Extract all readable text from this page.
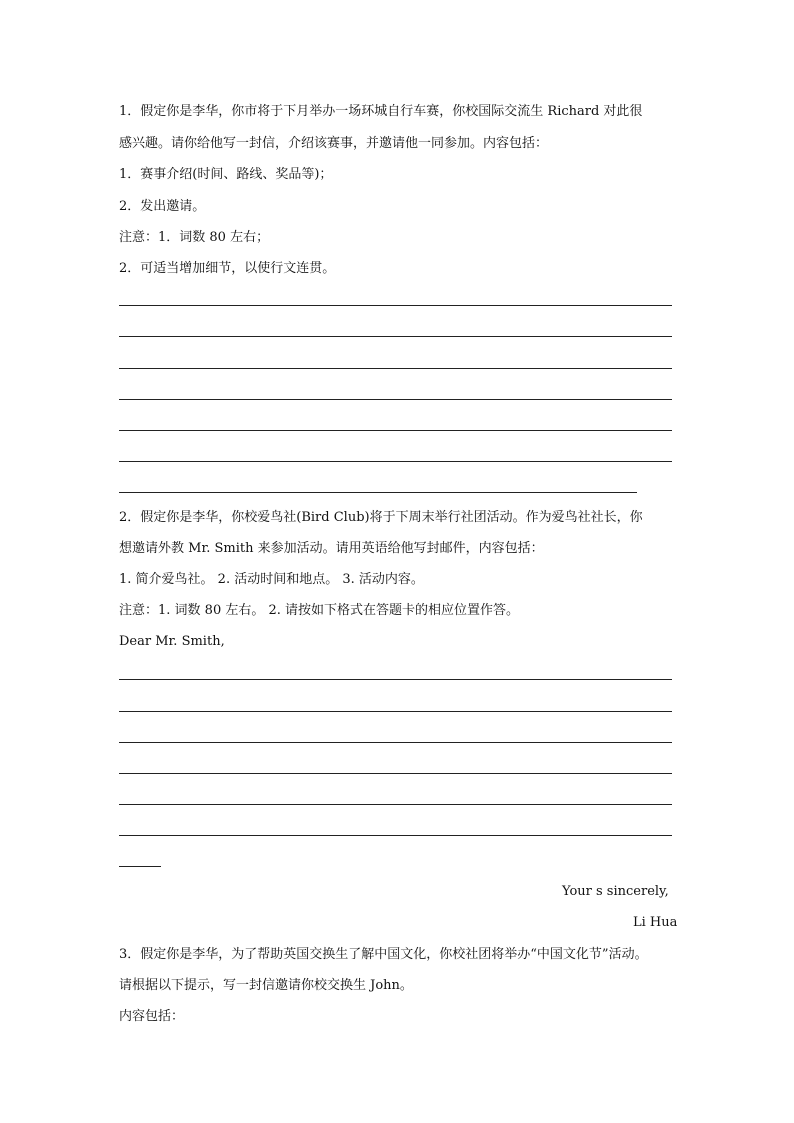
1．假定你是李华，你市将于下月举办一场环城自行车赛，你校国际交流生 Richard 对此很
感兴趣。请你给他写一封信，介绍该赛事，并邀请他一同参加。内容包括：
1．赛事介绍(时间、路线、奖品等)；
2．发出邀请。
注意：1．词数 80 左右；
2．可适当增加细节，以使行文连贯。
2．假定你是李华，你校爱鸟社(Bird Club)将于下周末举行社团活动。作为爱鸟社社长，你
想邀请外教 Mr. Smith 来参加活动。请用英语给他写封邮件，内容包括：
1. 简介爱鸟社。 2. 活动时间和地点。 3. 活动内容。
注意：1. 词数 80 左右。 2. 请按如下格式在答题卡的相应位置作答。
Dear Mr. Smith,
Your s sincerely,
Li Hua
3．假定你是李华，为了帮助英国交换生了解中国文化，你校社团将举办“中国文化节”活动。
请根据以下提示，写一封信邀请你校交换生 John。
内容包括：
